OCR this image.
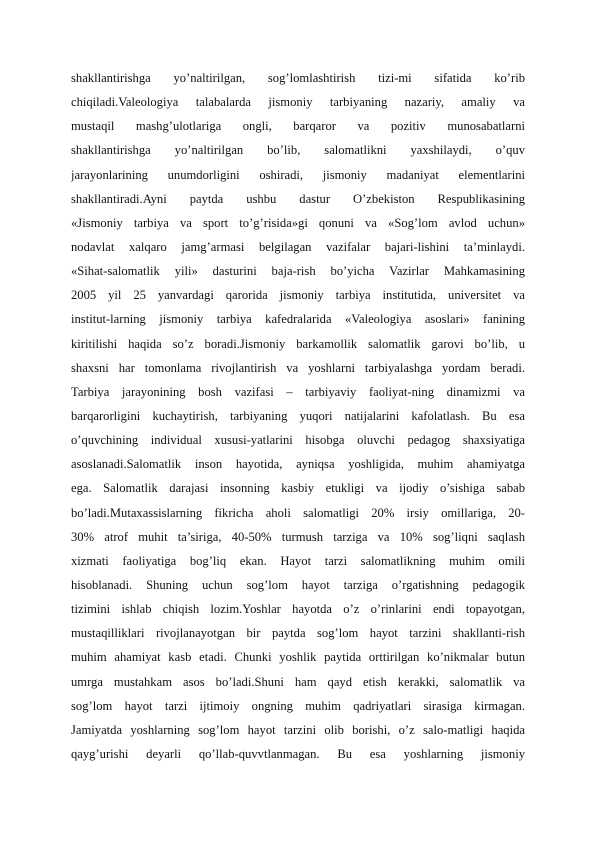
shakllantirishga yo’naltirilgan, sog’lomlashtirish tizi-mi sifatida ko’rib
chiqiladi.Valeologiya talabalarda jismoniy tarbiyaning nazariy, amaliy va
mustaqil mashg’ulotlariga ongli, barqaror va pozitiv munosabatlarni
shakllantirishga yo’naltirilgan bo’lib, salomatlikni yaxshilaydi, o’quv
jarayonlarining unumdorligini oshiradi, jismoniy madaniyat elementlarini
shakllantiradi.Ayni paytda ushbu dastur O’zbekiston Respublikasining
«Jismoniy tarbiya va sport to’g’risida»gi qonuni va «Sog’lom avlod uchun»
nodavlat xalqaro jamg’armasi belgilagan vazifalar bajari-lishini ta’minlaydi.
«Sihat-salomatlik yili» dasturini baja-rish bo’yicha Vazirlar Mahkamasining
2005 yil 25 yanvardagi qarorida jismoniy tarbiya institutida, universitet va
institut-larning jismoniy tarbiya kafedralarida «Valeologiya asoslari» fanining
kiritilishi haqida so’z boradi.Jismoniy barkamollik salomatlik garovi bo’lib, u
shaxsni har tomonlama rivojlantirish va yoshlarni tarbiyalashga yordam beradi.
Tarbiya jarayonining bosh vazifasi – tarbiyaviy faoliyat-ning dinamizmi va
barqarorligini kuchaytirish, tarbiyaning yuqori natijalarini kafolatlash. Bu esa
o’quvchining individual xususi-yatlarini hisobga oluvchi pedagog shaxsiyatiga
asoslanadi.Salomatlik inson hayotida, ayniqsa yoshligida, muhim ahamiyatga
ega. Salomatlik darajasi insonning kasbiy etukligi va ijodiy o’sishiga sabab
bo’ladi.Mutaxassislarning fikricha aholi salomatligi 20% irsiy omillariga, 20-
30% atrof muhit ta’siriga, 40-50% turmush tarziga va 10% sog’liqni saqlash
xizmati faoliyatiga bog’liq ekan. Hayot tarzi salomatlikning muhim omili
hisoblanadi. Shuning uchun sog’lom hayot tarziga o’rgatishning pedagogik
tizimini ishlab chiqish lozim.Yoshlar hayotda o’z o’rinlarini endi topayotgan,
mustaqilliklari rivojlanayotgan bir paytda sog’lom hayot tarzini shakllanti-rish
muhim ahamiyat kasb etadi. Chunki yoshlik paytida orttirilgan ko’nikmalar butun
umrga mustahkam asos bo’ladi.Shuni ham qayd etish kerakki, salomatlik va
sog’lom hayot tarzi ijtimoiy ongning muhim qadriyatlari sirasiga kirmagan.
Jamiyatda yoshlarning sog’lom hayot tarzini olib borishi, o’z salo-matligi haqida
qayg’urishi deyarli qo’llab-quvvtlanmagan. Bu esa yoshlarning jismoniy
